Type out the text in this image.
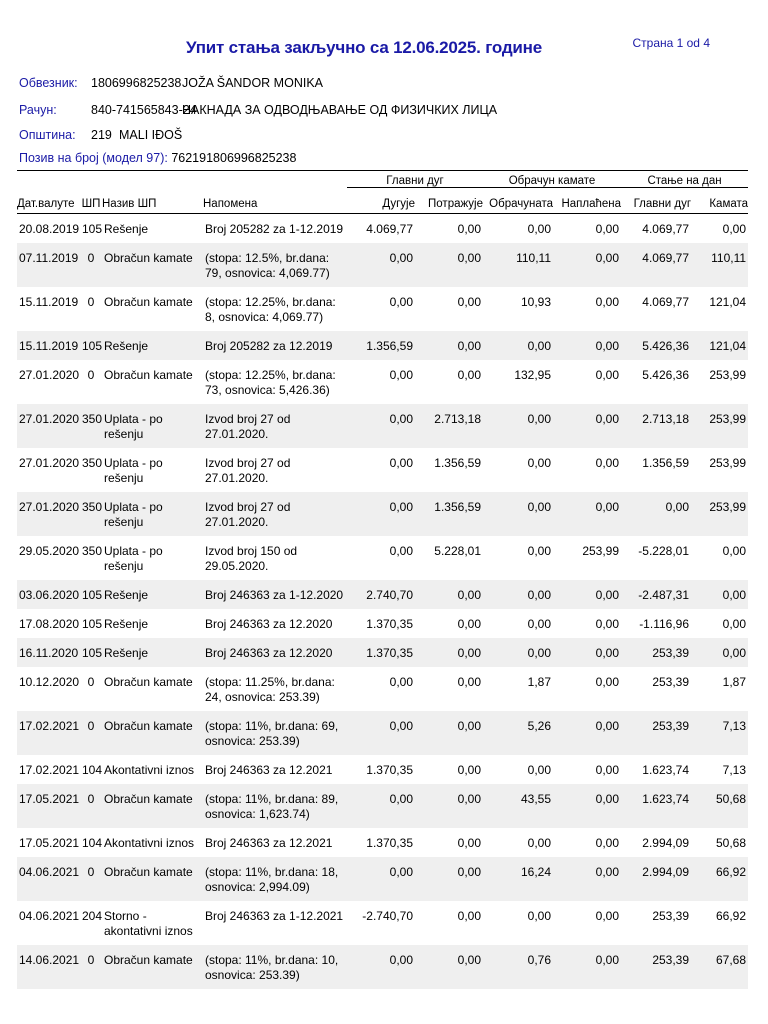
Упит стања закључно са 12.06.2025. године	Страна 1 od 4
Обвезник: 1806996825238JOŽA ŠANDOR MONIKA
Рачун:	840-741565843-24НАКНАДА ЗА ОДВОДЊАВАЊЕ ОД ФИЗИЧКИХ ЛИЦА
Општина: 219 MALI IĐOŠ
Позив на број (модел 97): 762191806996825238
				Главни дуг		Обрачун камате		Стање на дан	
Дат.валуте	ШП	Назив ШП	Напомена	Дугује	Потражује	Обрачуната	Наплаћена	Главни дуг	Камата
20.08.2019	105	Rešenje	Broj 205282 za 1-12.2019	4.069,77	0,00	0,00	0,00	4.069,77	0,00
07.11.2019	0	Obračun kamate	(stopa: 12.5%, br.dana: 79, osnovica: 4,069.77)	0,00	0,00	110,11	0,00	4.069,77	110,11
15.11.2019	0	Obračun kamate	(stopa: 12.25%, br.dana: 8, osnovica: 4,069.77)	0,00	0,00	10,93	0,00	4.069,77	121,04
15.11.2019	105	Rešenje	Broj 205282 za 12.2019	1.356,59	0,00	0,00	0,00	5.426,36	121,04
27.01.2020	0	Obračun kamate	(stopa: 12.25%, br.dana: 73, osnovica: 5,426.36)	0,00	0,00	132,95	0,00	5.426,36	253,99
27.01.2020	350	Uplata - po rešenju	Izvod broj 27 od 27.01.2020.	0,00	2.713,18	0,00	0,00	2.713,18	253,99
27.01.2020	350	Uplata - po rešenju	Izvod broj 27 od 27.01.2020.	0,00	1.356,59	0,00	0,00	1.356,59	253,99
27.01.2020	350	Uplata - po rešenju	Izvod broj 27 od 27.01.2020.	0,00	1.356,59	0,00	0,00	0,00	253,99
29.05.2020	350	Uplata - po rešenju	Izvod broj 150 od 29.05.2020.	0,00	5.228,01	0,00	253,99	-5.228,01	0,00
03.06.2020	105	Rešenje	Broj 246363 za 1-12.2020	2.740,70	0,00	0,00	0,00	-2.487,31	0,00
17.08.2020	105	Rešenje	Broj 246363 za 12.2020	1.370,35	0,00	0,00	0,00	-1.116,96	0,00
16.11.2020	105	Rešenje	Broj 246363 za 12.2020	1.370,35	0,00	0,00	0,00	253,39	0,00
10.12.2020	0	Obračun kamate	(stopa: 11.25%, br.dana: 24, osnovica: 253.39)	0,00	0,00	1,87	0,00	253,39	1,87
17.02.2021	0	Obračun kamate	(stopa: 11%, br.dana: 69, osnovica: 253.39)	0,00	0,00	5,26	0,00	253,39	7,13
17.02.2021	104	Akontativni iznos	Broj 246363 za 12.2021	1.370,35	0,00	0,00	0,00	1.623,74	7,13
17.05.2021	0	Obračun kamate	(stopa: 11%, br.dana: 89, osnovica: 1,623.74)	0,00	0,00	43,55	0,00	1.623,74	50,68
17.05.2021	104	Akontativni iznos	Broj 246363 za 12.2021	1.370,35	0,00	0,00	0,00	2.994,09	50,68
04.06.2021	0	Obračun kamate	(stopa: 11%, br.dana: 18, osnovica: 2,994.09)	0,00	0,00	16,24	0,00	2.994,09	66,92
04.06.2021	204	Storno - akontativni iznos	Broj 246363 za 1-12.2021	-2.740,70	0,00	0,00	0,00	253,39	66,92
14.06.2021	0	Obračun kamate	(stopa: 11%, br.dana: 10, osnovica: 253.39)	0,00	0,00	0,76	0,00	253,39	67,68
